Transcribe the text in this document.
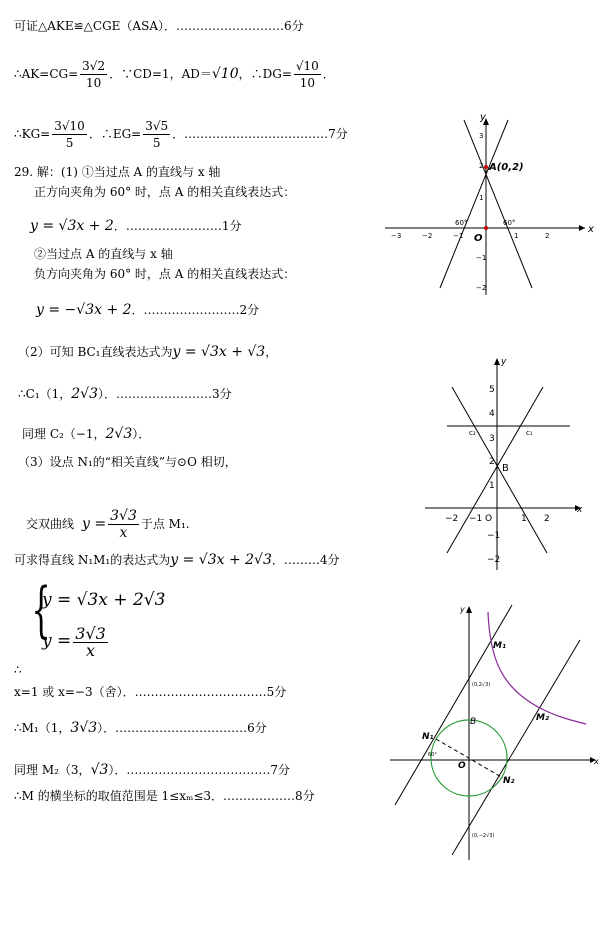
可证△AKE≌△CGE（ASA）．………………………6分
∴AK=CG= $\frac{3√2}{10}$ ．∵CD=1，AD＝√10，∴DG= $\frac{√10}{10}$ ．
∴KG= $\frac{3√10}{5}$ ．∴EG= $\frac{3√5}{5}$ ．………………………………7分
29. 解：(1) ①当过点 A 的直线与 x 轴
正方向夹角为 60° 时，点 A 的相关直线表达式：
y = √3x + 2．……………………1分
②当过点 A 的直线与 x 轴
负方向夹角为 60° 时，点 A 的相关直线表达式：
y = −√3x + 2．……………………2分
（2）可知 BC₁直线表达式为y = √3x + √3，
∴C₁（1，2√3）．……………………3分
同理 C₂（−1，2√3）．
（3）设点 N₁的“相关直线”与⊙O 相切，
交双曲线 $y = \frac{3√3}{x}$ 于点 M₁.
可求得直线 N₁M₁的表达式为y = √3x + 2√3．………4分
{
y = √3x + 2√3
$y = \frac{3√3}{x}$
∴
x=1 或 x=−3（舍）．……………………………5分
∴M₁（1，3√3）．……………………………6分
同理 M₂（3，√3）．………………………………7分
∴M 的横坐标的取值范围是 1≤xₘ≤3．………………8分
y
x
O
A(0,2)
60°	60°
−3	−2	−1	1	2
3
2
1
−1
−2
y
x
B
c₂	c₁
−2 −1 O	1 2
5
4
3
2
1
−1
−2
y
x
O
B
M₁
M₂
N₁
N₂
(0,2√3)
(0,−2√3)
60°
